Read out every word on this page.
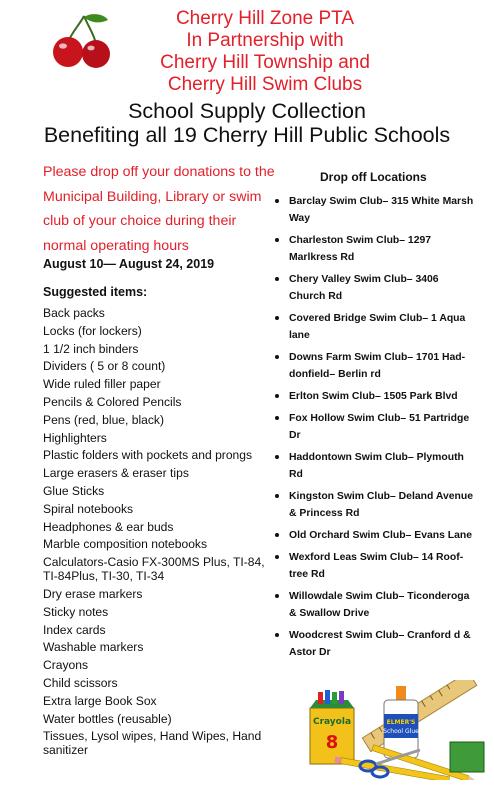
Cherry Hill Zone PTA
In Partnership with
Cherry Hill Township and
Cherry Hill Swim Clubs
School Supply Collection
Benefiting all 19 Cherry Hill Public Schools
Please drop off your donations to the Municipal Building, Library or swim club of your choice during their normal operating hours
August 10— August 24, 2019
Suggested items:
Back packs
Locks (for lockers)
1 1/2 inch binders
Dividers ( 5 or 8 count)
Wide ruled filler paper
Pencils & Colored Pencils
Pens (red, blue, black)
Highlighters
Plastic folders with pockets and prongs
Large erasers & eraser tips
Glue Sticks
Spiral notebooks
Headphones & ear buds
Marble composition notebooks
Calculators-Casio FX-300MS Plus, TI-84, TI-84Plus, TI-30, TI-34
Dry erase markers
Sticky notes
Index cards
Washable markers
Crayons
Child scissors
Extra large Book Sox
Water bottles (reusable)
Tissues, Lysol wipes, Hand Wipes, Hand sanitizer
Drop off Locations
Barclay Swim Club– 315 White Marsh Way
Charleston Swim Club– 1297 Marlkress Rd
Chery Valley Swim Club– 3406 Church Rd
Covered Bridge Swim Club– 1 Aqua lane
Downs Farm Swim Club– 1701 Had-donfield– Berlin rd
Erlton Swim Club– 1505 Park Blvd
Fox Hollow Swim Club– 51 Partridge Dr
Haddontown Swim Club– Plymouth Rd
Kingston Swim Club– Deland Avenue & Princess Rd
Old Orchard Swim Club– Evans Lane
Wexford Leas Swim Club– 14 Roof-tree Rd
Willowdale Swim Club– Ticonderoga & Swallow Drive
Woodcrest Swim Club– Cranford d & Astor Dr
Crayola
8
ELMER'S
School Glue
